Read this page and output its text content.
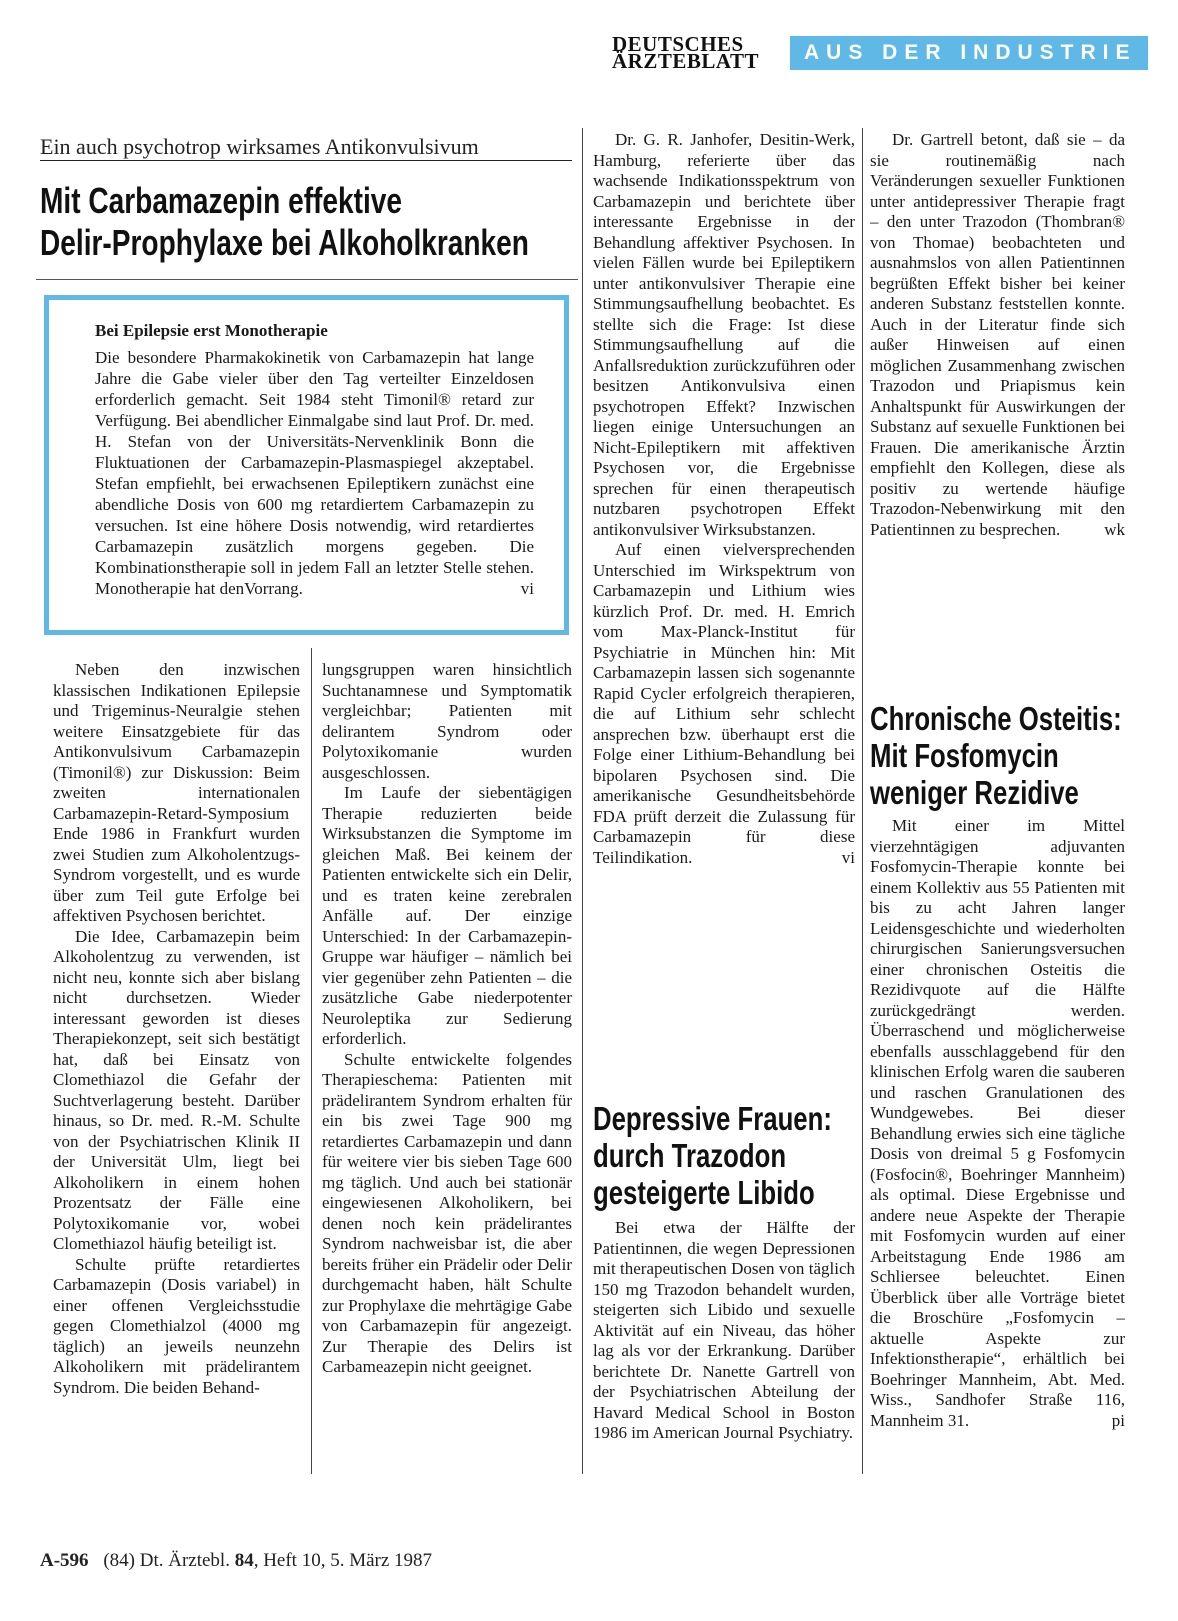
DEUTSCHES
ÄRZTEBLATT	AUS DER INDUSTRIE
Ein auch psychotrop wirksames Antikonvulsivum
Mit Carbamazepin effektive
Delir-Prophylaxe bei Alkoholkranken
Bei Epilepsie erst Monotherapie
Die besondere Pharmakokinetik von Carbamazepin hat lange Jahre die Gabe vieler über den Tag verteilter Einzeldosen erforderlich gemacht. Seit 1984 steht Timonil® retard zur Verfügung. Bei abendlicher Einmalgabe sind laut Prof. Dr. med. H. Stefan von der Universitäts-Nervenklinik Bonn die Fluktuationen der Carbamazepin-Plasmaspiegel akzeptabel. Stefan empfiehlt, bei erwachsenen Epileptikern zunächst eine abendliche Dosis von 600 mg retardiertem Carbamazepin zu versuchen. Ist eine höhere Dosis notwendig, wird retardiertes Carbamazepin zusätzlich morgens gegeben. Die Kombinationstherapie soll in jedem Fall an letzter Stelle stehen. Monotherapie hat denVorrang.	vi

Neben den inzwischen klassischen Indikationen Epilepsie und Trigeminus-Neuralgie stehen weitere Einsatzgebiete für das Antikonvulsivum Carbamazepin (Timonil®) zur Diskussion: Beim zweiten internationalen Carbamazepin-Retard-Symposium Ende 1986 in Frankfurt wurden zwei Studien zum Alkoholentzugs-Syndrom vorgestellt, und es wurde über zum Teil gute Erfolge bei affektiven Psychosen berichtet.

Die Idee, Carbamazepin beim Alkoholentzug zu verwenden, ist nicht neu, konnte sich aber bislang nicht durchsetzen. Wieder interessant geworden ist dieses Therapiekonzept, seit sich bestätigt hat, daß bei Einsatz von Clomethiazol die Gefahr der Suchtverlagerung besteht. Darüber hinaus, so Dr. med. R.-M. Schulte von der Psychiatrischen Klinik II der Universität Ulm, liegt bei Alkoholikern in einem hohen Prozentsatz der Fälle eine Polytoxikomanie vor, wobei Clomethiazol häufig beteiligt ist.

Schulte prüfte retardiertes Carbamazepin (Dosis variabel) in einer offenen Vergleichsstudie gegen Clomethialzol (4000 mg täglich) an jeweils neunzehn Alkoholikern mit prädelirantem Syndrom. Die beiden Behand-

lungsgruppen waren hinsichtlich Suchtanamnese und Symptomatik vergleichbar; Patienten mit delirantem Syndrom oder Polytoxikomanie wurden ausgeschlossen.

Im Laufe der siebentägigen Therapie reduzierten beide Wirksubstanzen die Symptome im gleichen Maß. Bei keinem der Patienten entwickelte sich ein Delir, und es traten keine zerebralen Anfälle auf. Der einzige Unterschied: In der Carbamazepin-Gruppe war häufiger – nämlich bei vier gegenüber zehn Patienten – die zusätzliche Gabe niederpotenter Neuroleptika zur Sedierung erforderlich.

Schulte entwickelte folgendes Therapieschema: Patienten mit prädelirantem Syndrom erhalten für ein bis zwei Tage 900 mg retardiertes Carbamazepin und dann für weitere vier bis sieben Tage 600 mg täglich. Und auch bei stationär eingewiesenen Alkoholikern, bei denen noch kein prädelirantes Syndrom nachweisbar ist, die aber bereits früher ein Prädelir oder Delir durchgemacht haben, hält Schulte zur Prophylaxe die mehrtägige Gabe von Carbamazepin für angezeigt. Zur Therapie des Delirs ist Carbameazepin nicht geeignet.

Dr. G. R. Janhofer, Desitin-Werk, Hamburg, referierte über das wachsende Indikationsspektrum von Carbamazepin und berichtete über interessante Ergebnisse in der Behandlung affektiver Psychosen. In vielen Fällen wurde bei Epileptikern unter antikonvulsiver Therapie eine Stimmungsaufhellung beobachtet. Es stellte sich die Frage: Ist diese Stimmungsaufhellung auf die Anfallsreduktion zurückzuführen oder besitzen Antikonvulsiva einen psychotropen Effekt? Inzwischen liegen einige Untersuchungen an Nicht-Epileptikern mit affektiven Psychosen vor, die Ergebnisse sprechen für einen therapeutisch nutzbaren psychotropen Effekt antikonvulsiver Wirksubstanzen.

Auf einen vielversprechenden Unterschied im Wirkspektrum von Carbamazepin und Lithium wies kürzlich Prof. Dr. med. H. Emrich vom Max-Planck-Institut für Psychiatrie in München hin: Mit Carbamazepin lassen sich sogenannte Rapid Cycler erfolgreich therapieren, die auf Lithium sehr schlecht ansprechen bzw. überhaupt erst die Folge einer Lithium-Behandlung bei bipolaren Psychosen sind. Die amerikanische Gesundheitsbehörde FDA prüft derzeit die Zulassung für Carbamazepin für diese Teilindikation.	vi

Depressive Frauen:
durch Trazodon
gesteigerte Libido

Bei etwa der Hälfte der Patientinnen, die wegen Depressionen mit therapeutischen Dosen von täglich 150 mg Trazodon behandelt wurden, steigerten sich Libido und sexuelle Aktivität auf ein Niveau, das höher lag als vor der Erkrankung. Darüber berichtete Dr. Nanette Gartrell von der Psychiatrischen Abteilung der Havard Medical School in Boston 1986 im American Journal Psychiatry.

Dr. Gartrell betont, daß sie – da sie routinemäßig nach Veränderungen sexueller Funktionen unter antidepressiver Therapie fragt – den unter Trazodon (Thombran® von Thomae) beobachteten und ausnahmslos von allen Patientinnen begrüßten Effekt bisher bei keiner anderen Substanz feststellen konnte. Auch in der Literatur finde sich außer Hinweisen auf einen möglichen Zusammenhang zwischen Trazodon und Priapismus kein Anhaltspunkt für Auswirkungen der Substanz auf sexuelle Funktionen bei Frauen. Die amerikanische Ärztin empfiehlt den Kollegen, diese als positiv zu wertende häufige Trazodon-Nebenwirkung mit den Patientinnen zu besprechen.	wk

Chronische Osteitis:
Mit Fosfomycin
weniger Rezidive

Mit einer im Mittel vierzehntägigen adjuvanten Fosfomycin-Therapie konnte bei einem Kollektiv aus 55 Patienten mit bis zu acht Jahren langer Leidensgeschichte und wiederholten chirurgischen Sanierungsversuchen einer chronischen Osteitis die Rezidivquote auf die Hälfte zurückgedrängt werden. Überraschend und möglicherweise ebenfalls ausschlaggebend für den klinischen Erfolg waren die sauberen und raschen Granulationen des Wundgewebes. Bei dieser Behandlung erwies sich eine tägliche Dosis von dreimal 5 g Fosfomycin (Fosfocin®, Boehringer Mannheim) als optimal. Diese Ergebnisse und andere neue Aspekte der Therapie mit Fosfomycin wurden auf einer Arbeitstagung Ende 1986 am Schliersee beleuchtet. Einen Überblick über alle Vorträge bietet die Broschüre „Fosfomycin – aktuelle Aspekte zur Infektionstherapie“, erhältlich bei Boehringer Mannheim, Abt. Med. Wiss., Sandhofer Straße 116, Mannheim 31.	pi

A-596 (84) Dt. Ärztebl. 84, Heft 10, 5. März 1987
